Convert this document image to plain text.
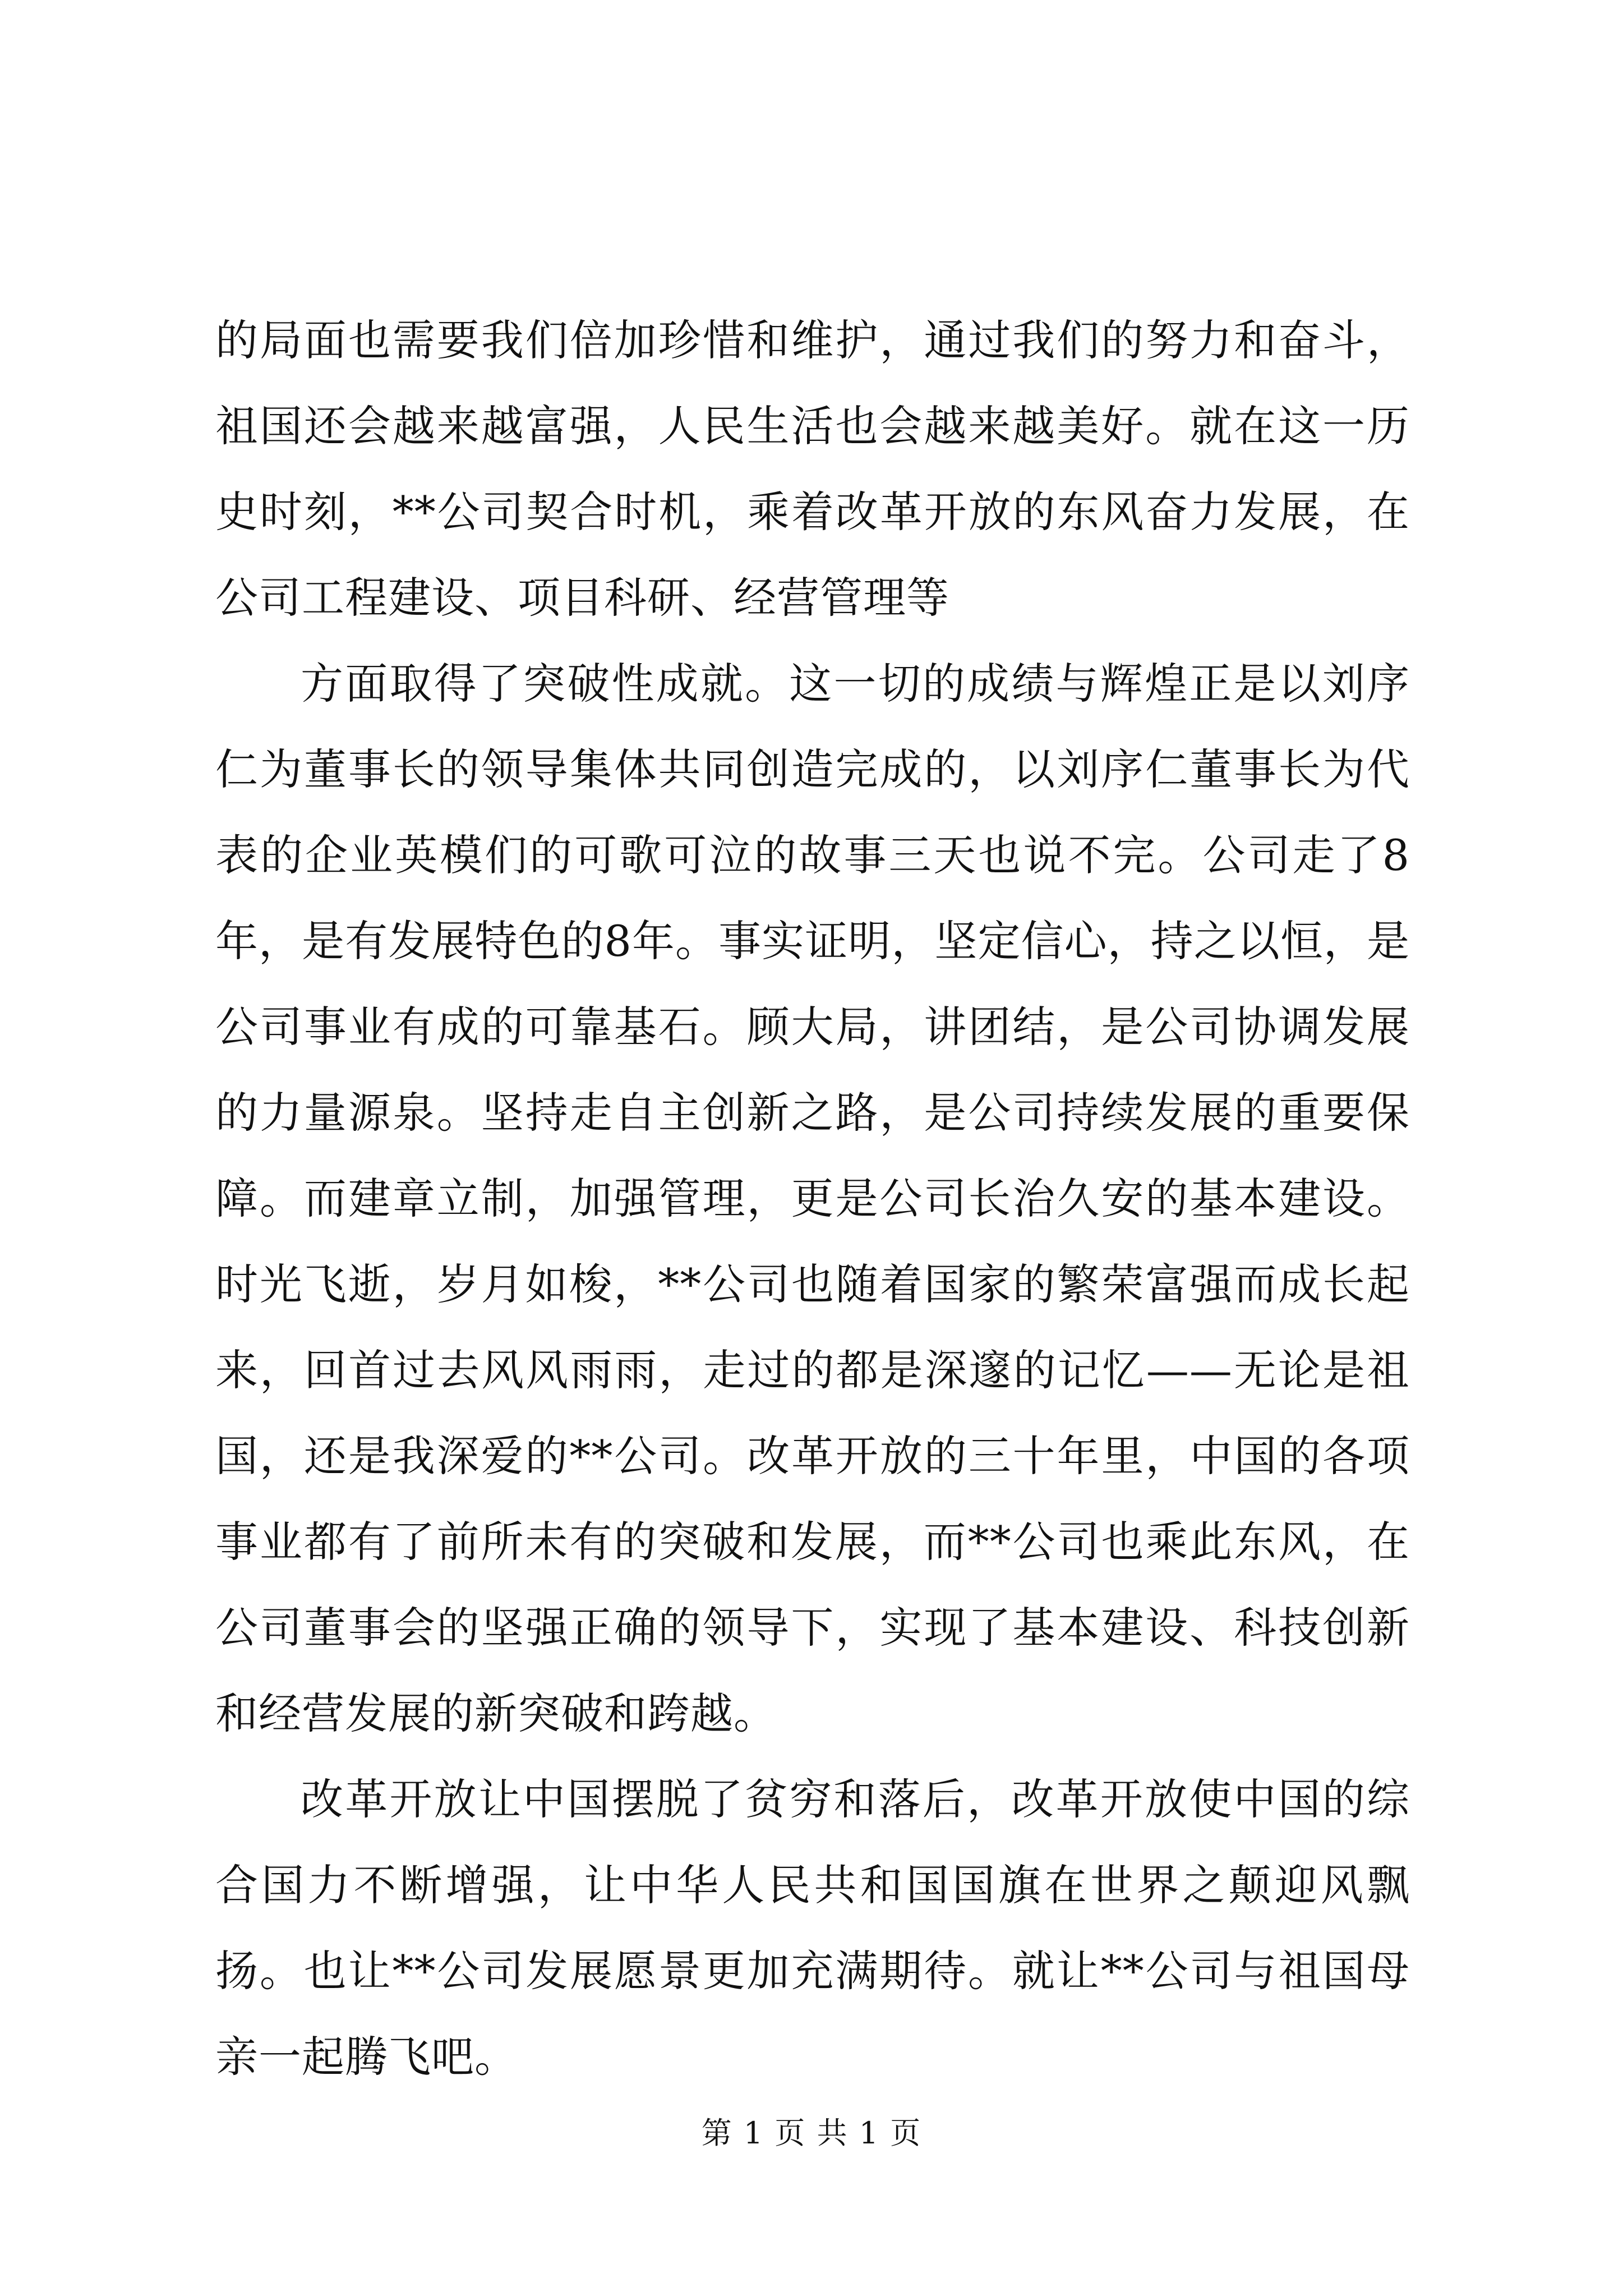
的局面也需要我们倍加珍惜和维护，通过我们的努力和奋斗，祖国还会越来越富强，人民生活也会越来越美好。就在这一历史时刻，**公司契合时机，乘着改革开放的东风奋力发展，在公司工程建设、项目科研、经营管理等

方面取得了突破性成就。这一切的成绩与辉煌正是以刘序仁为董事长的领导集体共同创造完成的，以刘序仁董事长为代表的企业英模们的可歌可泣的故事三天也说不完。公司走了8年，是有发展特色的8年。事实证明，坚定信心，持之以恒，是公司事业有成的可靠基石。顾大局，讲团结，是公司协调发展的力量源泉。坚持走自主创新之路，是公司持续发展的重要保障。而建章立制，加强管理，更是公司长治久安的基本建设。时光飞逝，岁月如梭，**公司也随着国家的繁荣富强而成长起来，回首过去风风雨雨，走过的都是深邃的记忆——无论是祖国，还是我深爱的**公司。改革开放的三十年里，中国的各项事业都有了前所未有的突破和发展，而**公司也乘此东风，在公司董事会的坚强正确的领导下，实现了基本建设、科技创新和经营发展的新突破和跨越。

改革开放让中国摆脱了贫穷和落后，改革开放使中国的综合国力不断增强，让中华人民共和国国旗在世界之颠迎风飘扬。也让**公司发展愿景更加充满期待。就让**公司与祖国母亲一起腾飞吧。

第 1 页 共 1 页
